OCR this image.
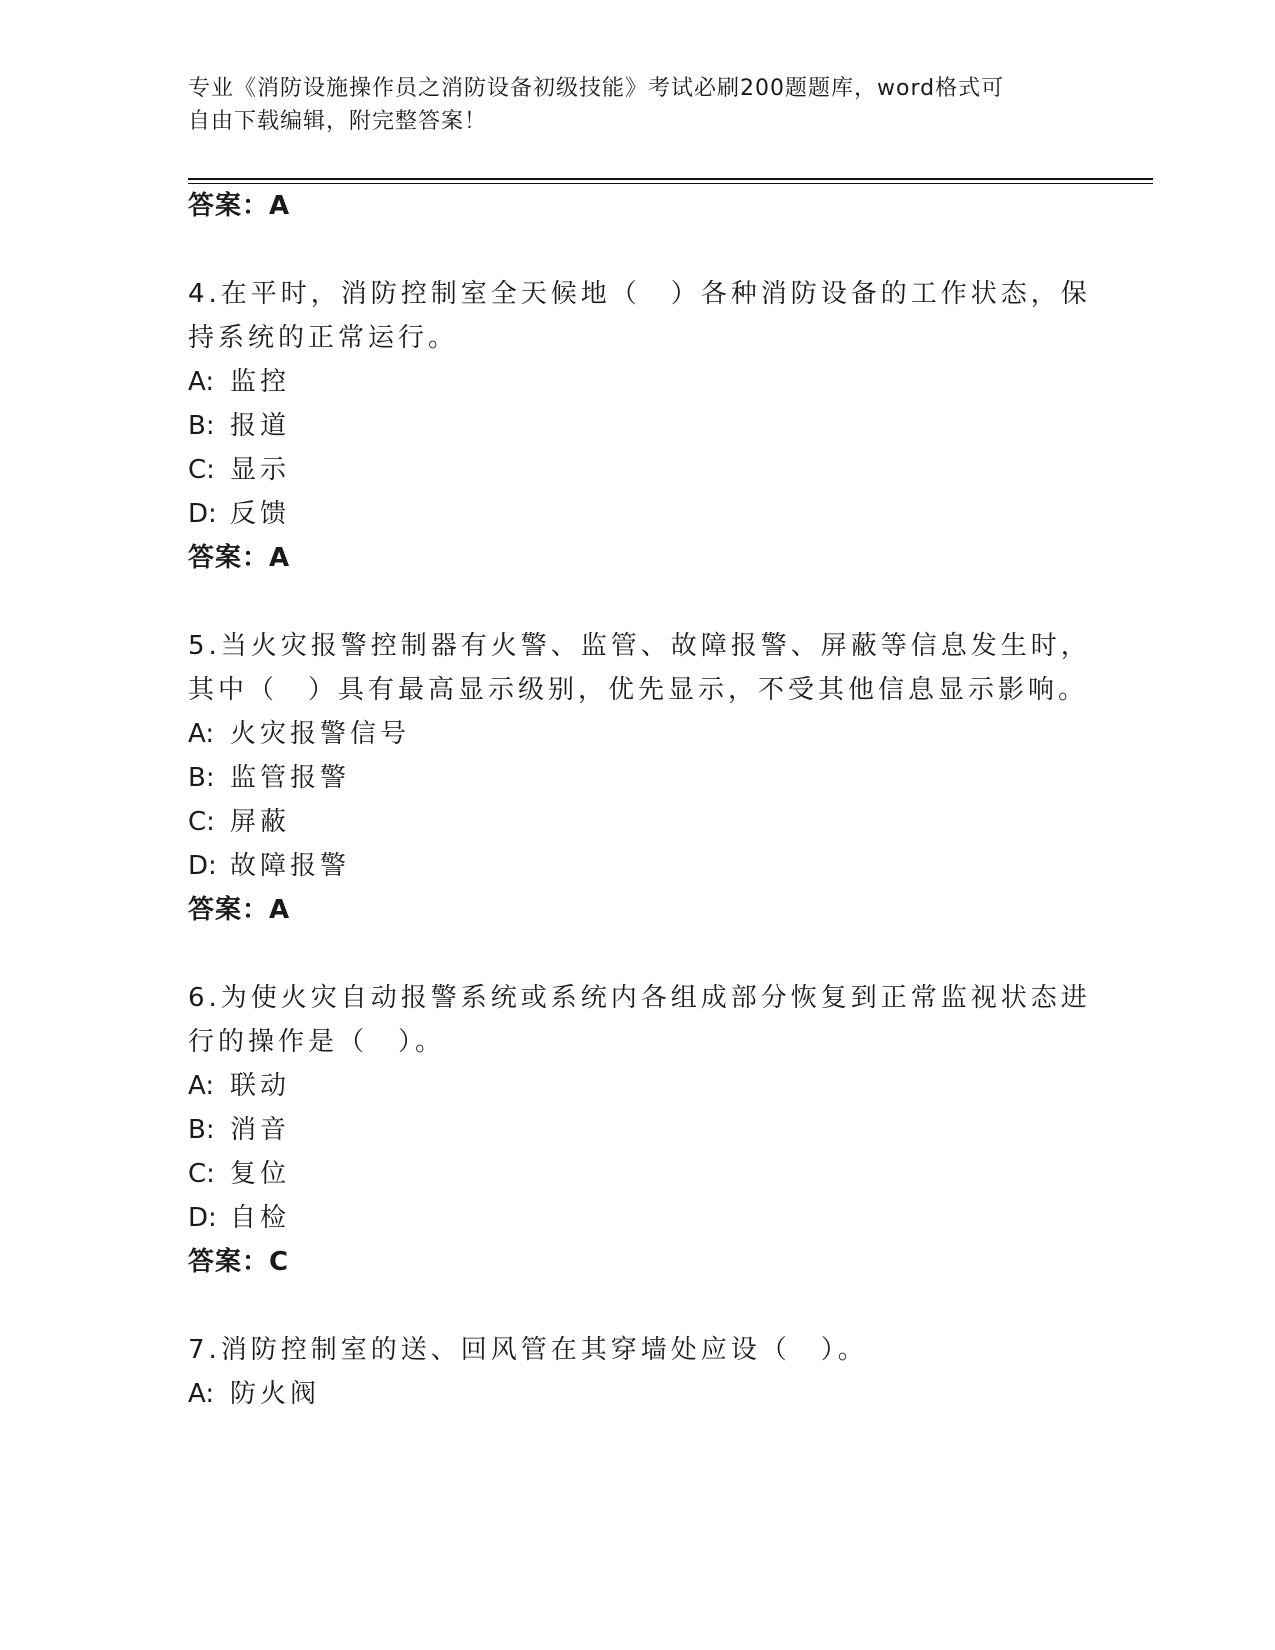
专业《消防设施操作员之消防设备初级技能》考试必刷200题题库，word格式可
自由下载编辑，附完整答案！
答案：A
4.在平时，消防控制室全天候地（　）各种消防设备的工作状态，保
持系统的正常运行。
A: 监控
B: 报道
C: 显示
D: 反馈
答案：A
5.当火灾报警控制器有火警、监管、故障报警、屏蔽等信息发生时，
其中（　）具有最高显示级别，优先显示，不受其他信息显示影响。
A: 火灾报警信号
B: 监管报警
C: 屏蔽
D: 故障报警
答案：A
6.为使火灾自动报警系统或系统内各组成部分恢复到正常监视状态进
行的操作是（　）。
A: 联动
B: 消音
C: 复位
D: 自检
答案：C
7.消防控制室的送、回风管在其穿墙处应设（　）。
A: 防火阀
